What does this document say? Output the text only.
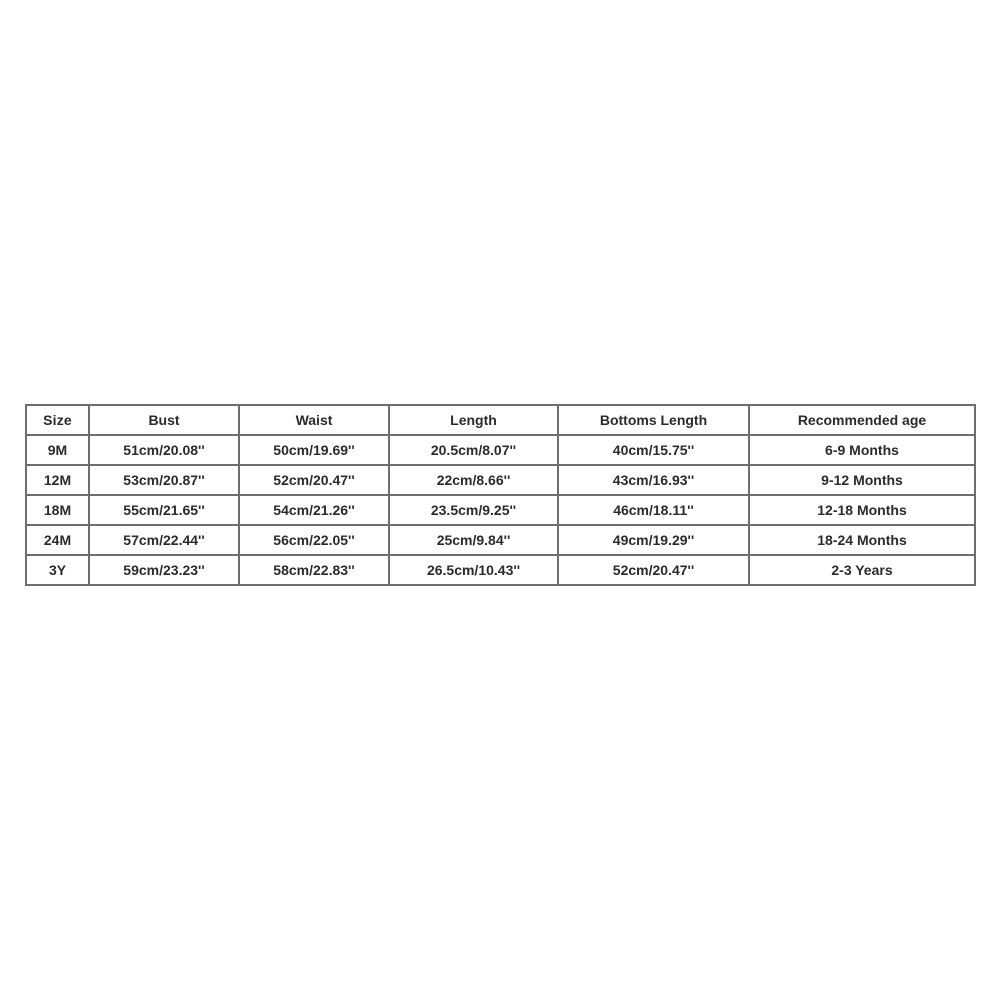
Size	Bust	Waist	Length	Bottoms Length	Recommended age
9M	51cm/20.08''	50cm/19.69''	20.5cm/8.07''	40cm/15.75''	6-9 Months
12M	53cm/20.87''	52cm/20.47''	22cm/8.66''	43cm/16.93''	9-12 Months
18M	55cm/21.65''	54cm/21.26''	23.5cm/9.25''	46cm/18.11''	12-18 Months
24M	57cm/22.44''	56cm/22.05''	25cm/9.84''	49cm/19.29''	18-24 Months
3Y	59cm/23.23''	58cm/22.83''	26.5cm/10.43''	52cm/20.47''	2-3 Years
